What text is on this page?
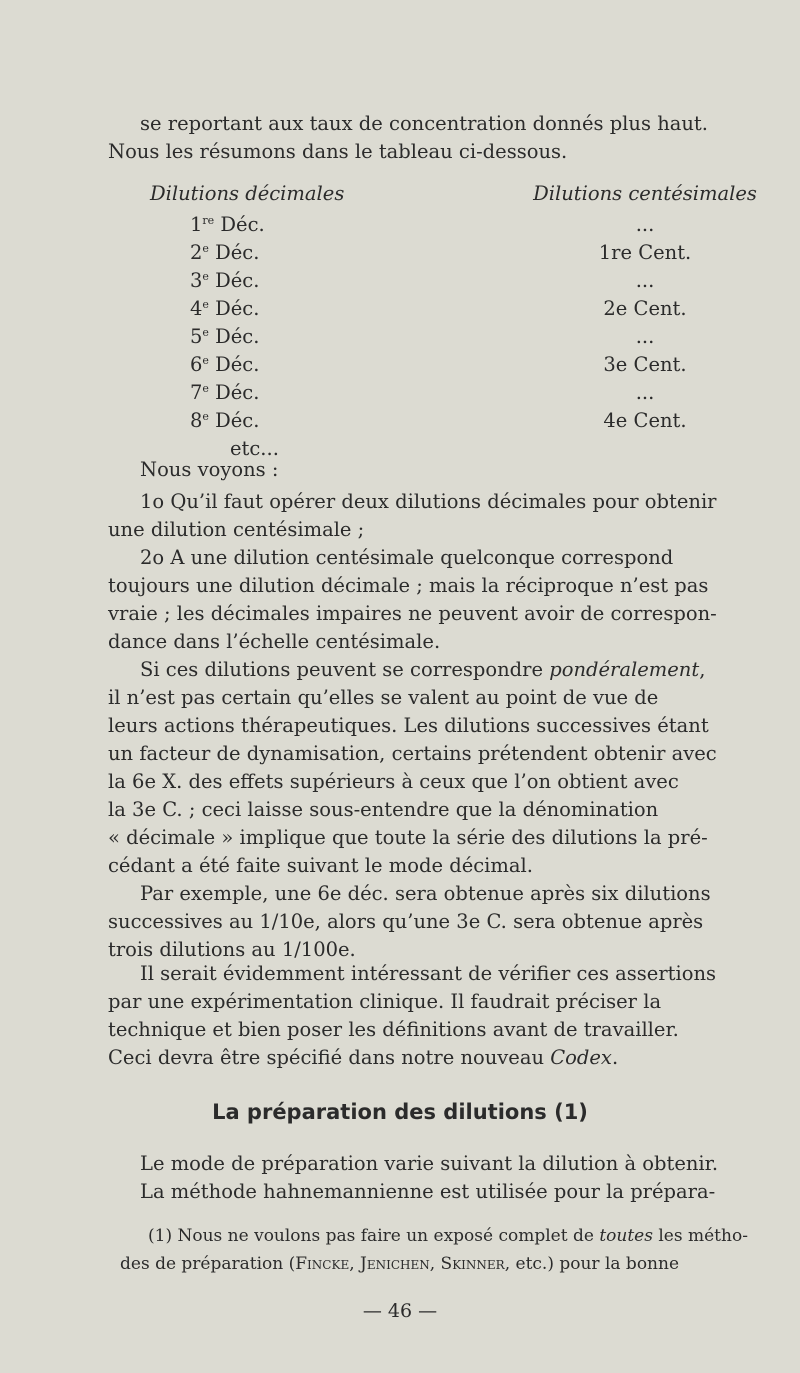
se reportant aux taux de concentration donnés plus haut.
Nous les résumons dans le tableau ci-dessous.
Dilutions décimales	Dilutions centésimales
1re Déc.	...
2e Déc.	1re Cent.
3e Déc.	...
4e Déc.	2e Cent.
5e Déc.	...
6e Déc.	3e Cent.
7e Déc.	...
8e Déc.	4e Cent.
etc...	
Nous voyons :
1o Qu’il faut opérer deux dilutions décimales pour obtenir
une dilution centésimale ;
2o A une dilution centésimale quelconque correspond
toujours une dilution décimale ; mais la réciproque n’est pas
vraie ; les décimales impaires ne peuvent avoir de correspon-
dance dans l’échelle centésimale.
Si ces dilutions peuvent se correspondre pondéralement,
il n’est pas certain qu’elles se valent au point de vue de
leurs actions thérapeutiques. Les dilutions successives étant
un facteur de dynamisation, certains prétendent obtenir avec
la 6e X. des effets supérieurs à ceux que l’on obtient avec
la 3e C. ; ceci laisse sous-entendre que la dénomination
« décimale » implique que toute la série des dilutions la pré-
cédant a été faite suivant le mode décimal.
Par exemple, une 6e déc. sera obtenue après six dilutions
successives au 1/10e, alors qu’une 3e C. sera obtenue après
trois dilutions au 1/100e.
Il serait évidemment intéressant de vérifier ces assertions
par une expérimentation clinique. Il faudrait préciser la
technique et bien poser les définitions avant de travailler.
Ceci devra être spécifié dans notre nouveau Codex.
La préparation des dilutions (1)
Le mode de préparation varie suivant la dilution à obtenir.
La méthode hahnemannienne est utilisée pour la prépara-
(1) Nous ne voulons pas faire un exposé complet de toutes les métho-
des de préparation (Fincke, Jenichen, Skinner, etc.) pour la bonne
— 46 —
